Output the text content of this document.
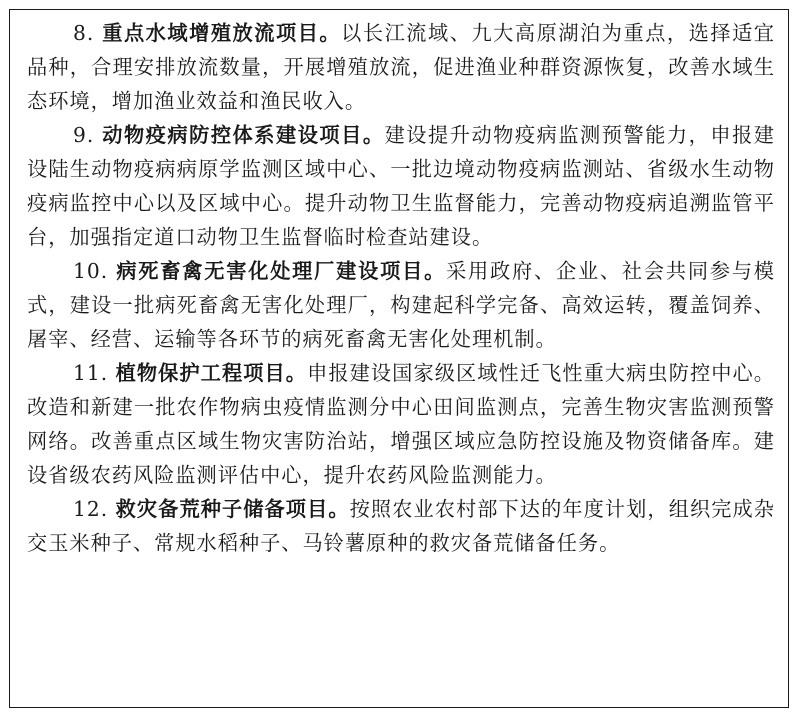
8. 重点水域增殖放流项目。以长江流域、九大高原湖泊为重点，选择适宜品种，合理安排放流数量，开展增殖放流，促进渔业种群资源恢复，改善水域生态环境，增加渔业效益和渔民收入。

9. 动物疫病防控体系建设项目。建设提升动物疫病监测预警能力，申报建设陆生动物疫病病原学监测区域中心、一批边境动物疫病监测站、省级水生动物疫病监控中心以及区域中心。提升动物卫生监督能力，完善动物疫病追溯监管平台，加强指定道口动物卫生监督临时检查站建设。

10. 病死畜禽无害化处理厂建设项目。采用政府、企业、社会共同参与模式，建设一批病死畜禽无害化处理厂，构建起科学完备、高效运转，覆盖饲养、屠宰、经营、运输等各环节的病死畜禽无害化处理机制。

11. 植物保护工程项目。申报建设国家级区域性迁飞性重大病虫防控中心。改造和新建一批农作物病虫疫情监测分中心田间监测点，完善生物灾害监测预警网络。改善重点区域生物灾害防治站，增强区域应急防控设施及物资储备库。建设省级农药风险监测评估中心，提升农药风险监测能力。

12. 救灾备荒种子储备项目。按照农业农村部下达的年度计划，组织完成杂交玉米种子、常规水稻种子、马铃薯原种的救灾备荒储备任务。
